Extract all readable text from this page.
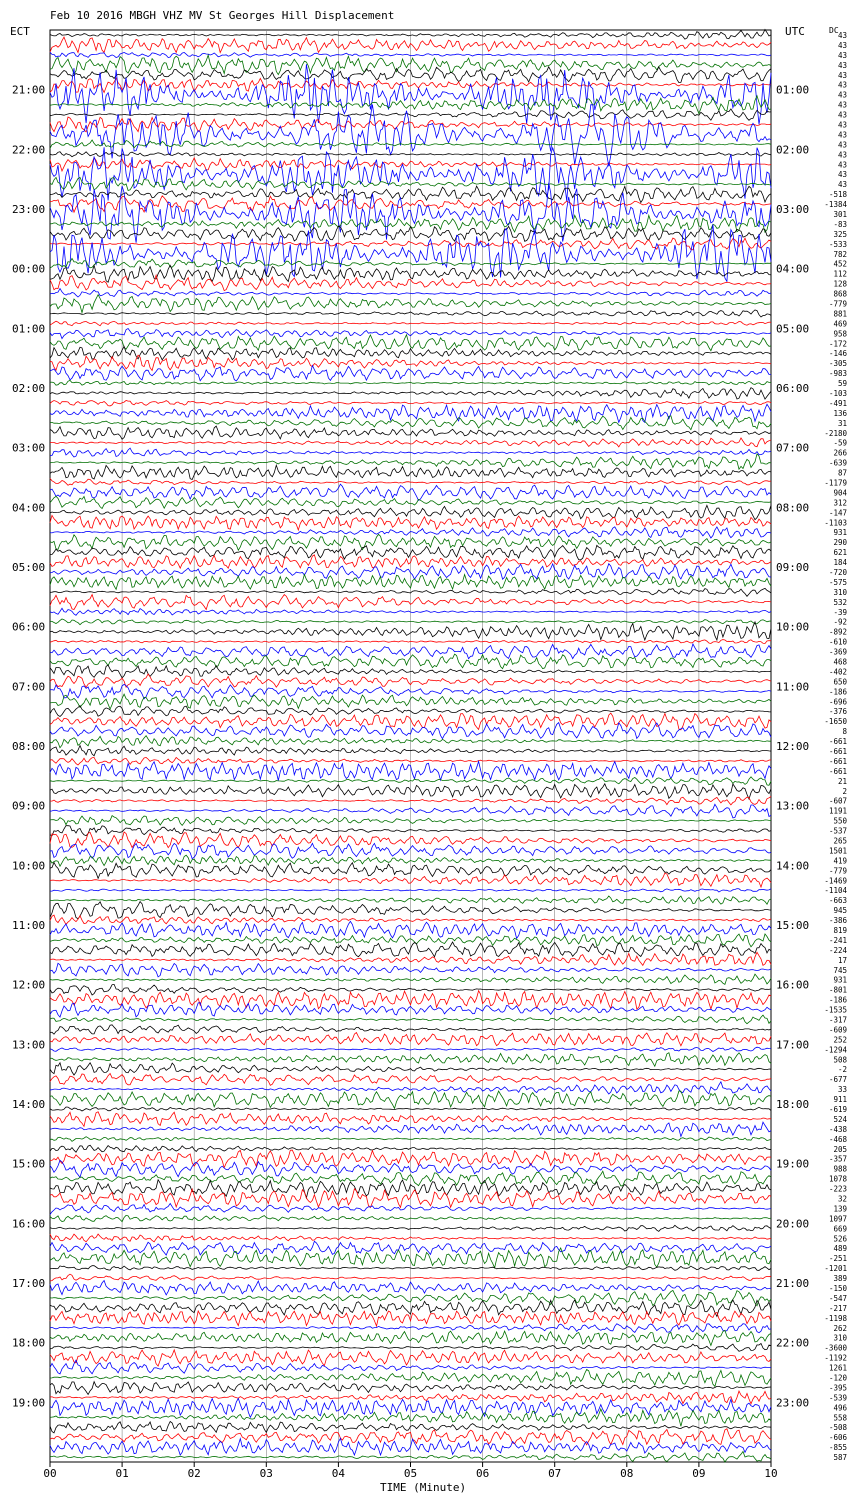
Feb 10 2016 MBGH VHZ MV St Georges Hill Displacement
ECT	UTC	DC
TIME (Minute)
21:00
22:00
23:00
00:00
01:00
02:00
03:00
04:00
05:00
06:00
07:00
08:00
09:00
10:00
11:00
12:00
13:00
14:00
15:00
16:00
17:00
18:00
19:00
01:00
02:00
03:00
04:00
05:00
06:00
07:00
08:00
09:00
10:00
11:00
12:00
13:00
14:00
15:00
16:00
17:00
18:00
19:00
20:00
21:00
22:00
23:00
43
43
43
43
43
43
43
43
43
43
43
43
43
43
43
43
-518
-1384
301
-83
325
-533
782
452
112
128
868
-779
881
469
958
-172
-146
-305
-983
59
-103
-491
136
31
-2180
-59
266
-639
87
-1179
904
312
-147
-1103
931
290
621
184
-720
-575
310
532
-39
-92
-892
-610
-369
468
-402
650
-186
-696
-376
-1650
8
-661
-661
-661
-661
21
2
-607
1191
550
-537
265
1501
419
-779
-1469
-1104
-663
945
-386
819
-241
-224
17
745
931
-801
-186
-1535
-317
-609
252
-1294
508
-2
-677
33
911
-619
524
-438
-468
205
-357
988
1078
-223
32
139
1097
669
526
489
-251
-1201
389
-150
-547
-217
-1198
262
310
-3600
-1192
1261
-120
-395
-539
496
558
-508
-606
-855
587
00	01	02	03	04	05	06	07	08	09	10
